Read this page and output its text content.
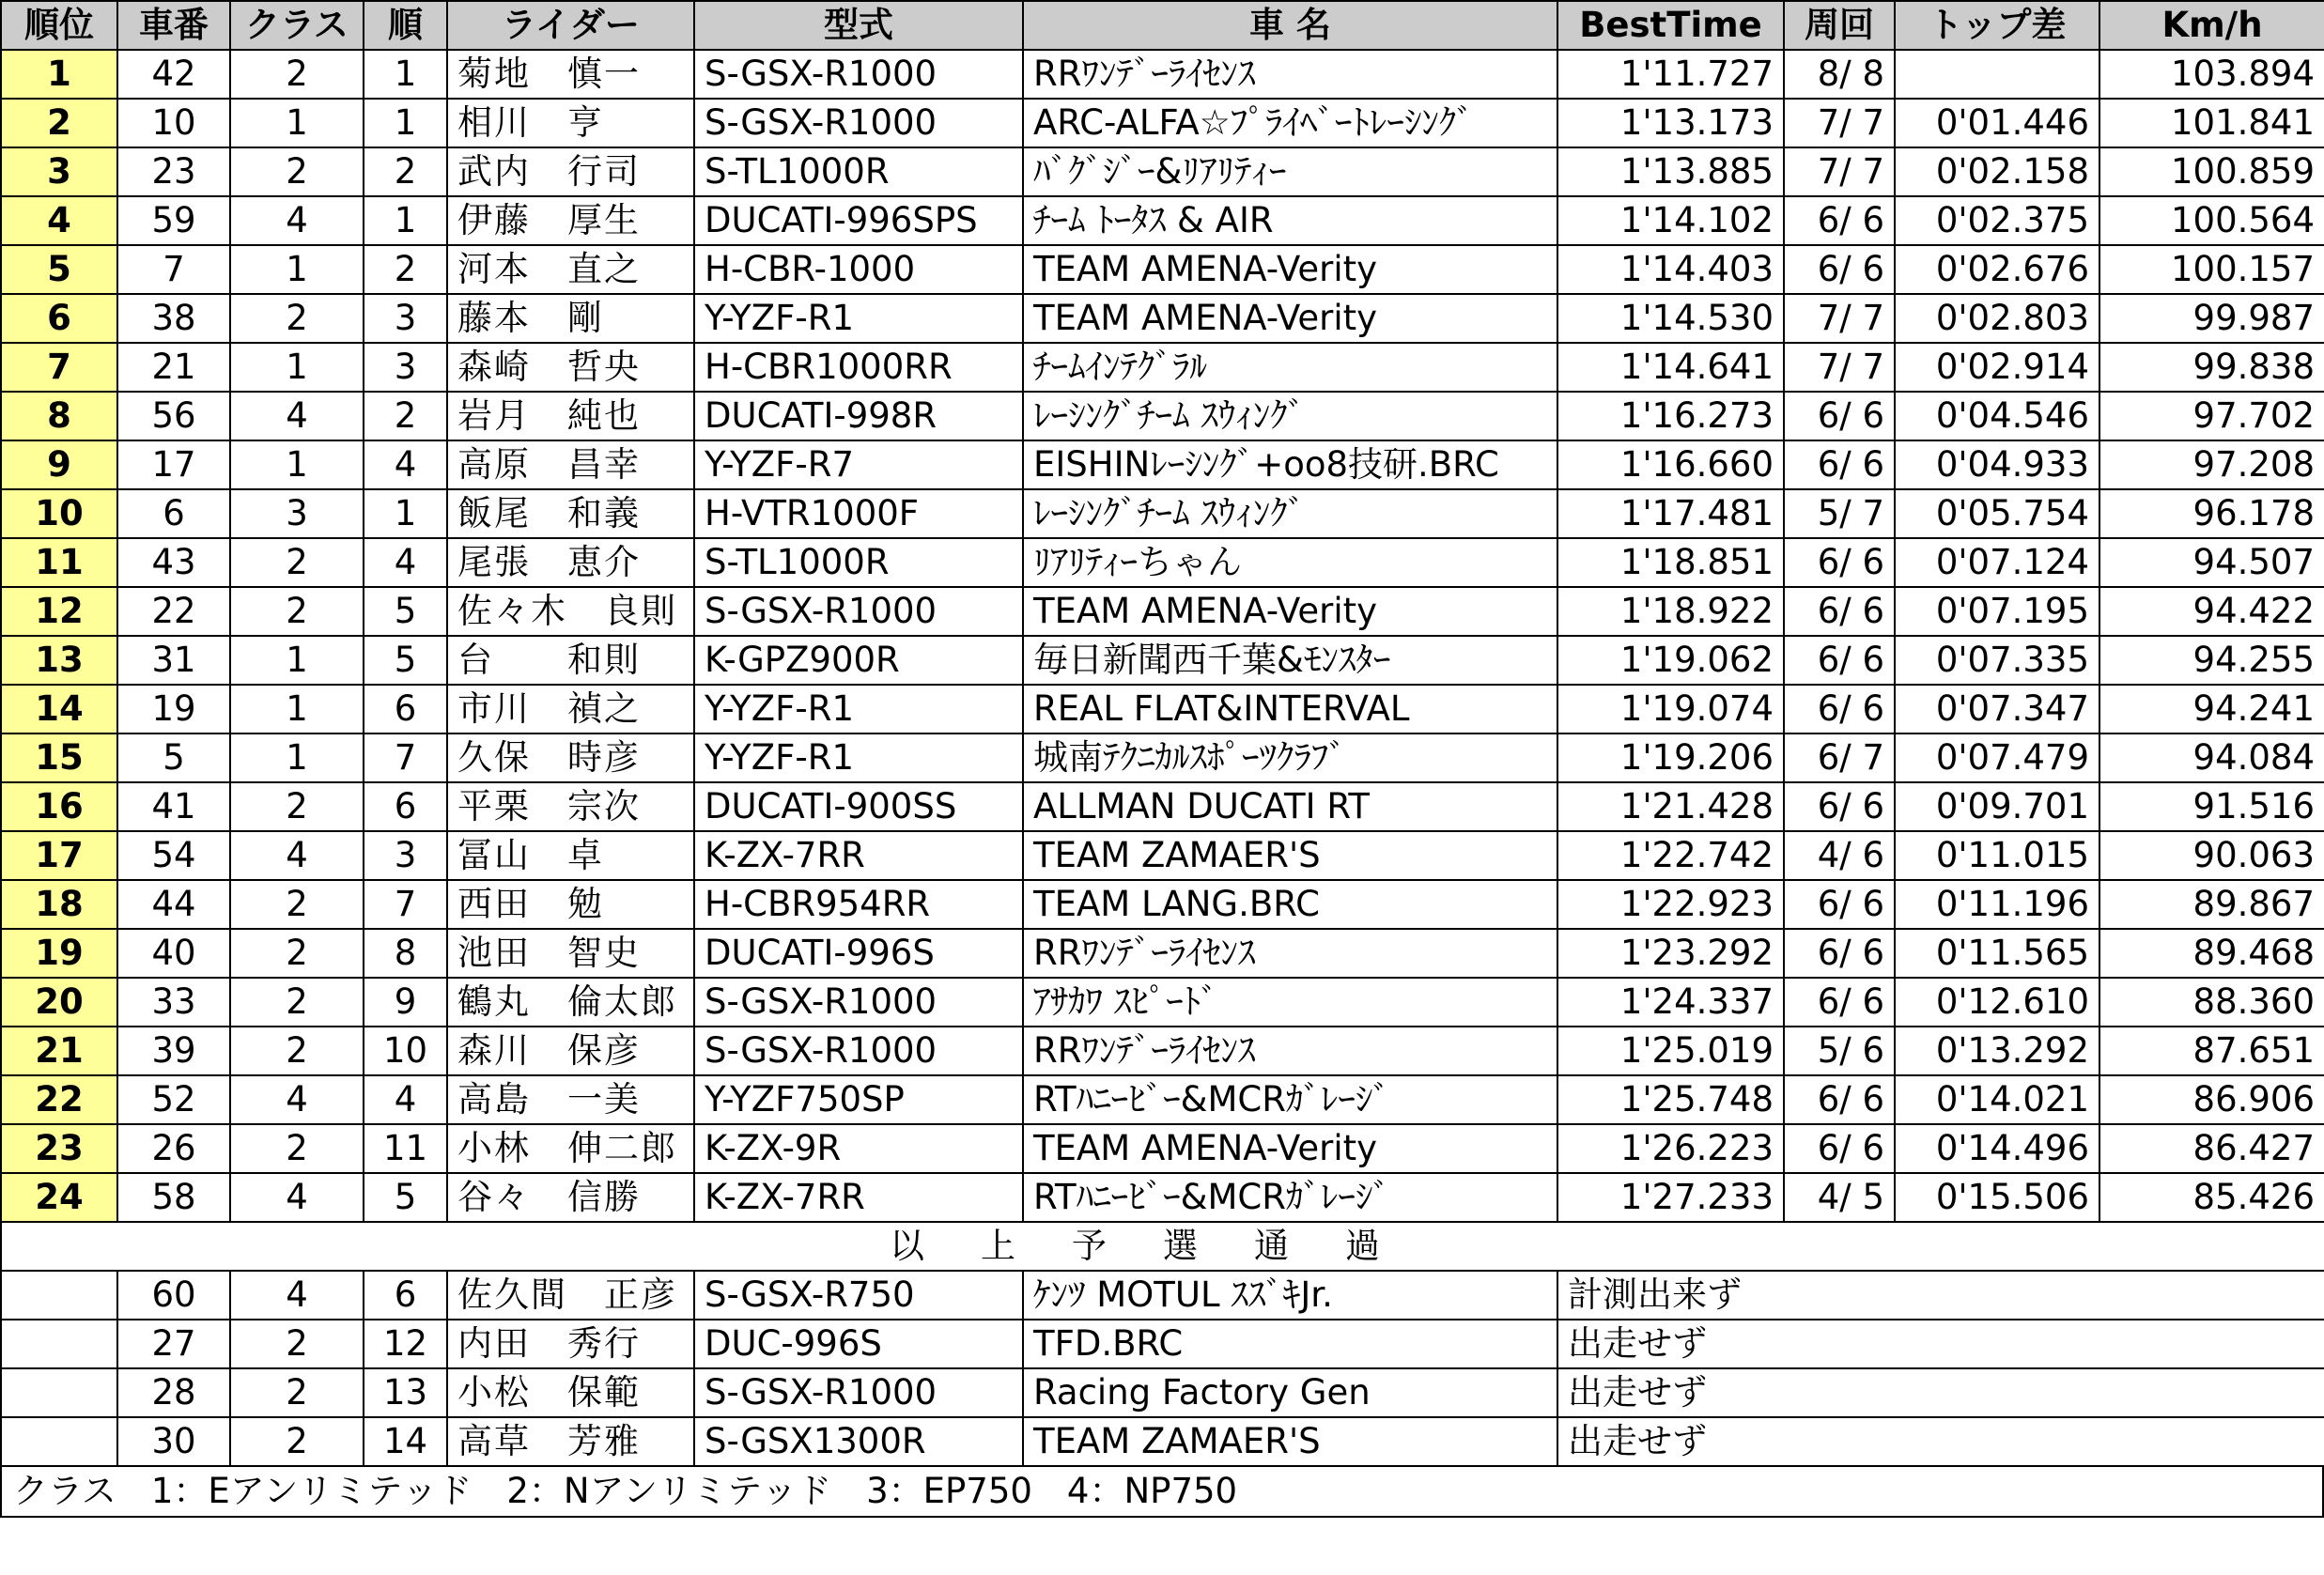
順位	車番	クラス	順	ライダー	型式	車 名	BestTime	周回	トップ差	Km/h
1	42	2	1	菊地　慎一	S-GSX-R1000	RRﾜﾝﾃﾞｰﾗｲｾﾝｽ	1'11.727	8/ 8		103.894
2	10	1	1	相川　亨	S-GSX-R1000	ARC-ALFA☆ﾌﾟﾗｲﾍﾞｰﾄﾚｰｼﾝｸﾞ	1'13.173	7/ 7	0'01.446	101.841
3	23	2	2	武内　行司	S-TL1000R	ﾊﾞｸﾞｼﾞｰ&ﾘｱﾘﾃｨｰ	1'13.885	7/ 7	0'02.158	100.859
4	59	4	1	伊藤　厚生	DUCATI-996SPS	ﾁｰﾑ ﾄｰﾀｽ & AIR	1'14.102	6/ 6	0'02.375	100.564
5	7	1	2	河本　直之	H-CBR-1000	TEAM AMENA-Verity	1'14.403	6/ 6	0'02.676	100.157
6	38	2	3	藤本　剛	Y-YZF-R1	TEAM AMENA-Verity	1'14.530	7/ 7	0'02.803	99.987
7	21	1	3	森崎　哲央	H-CBR1000RR	ﾁｰﾑｲﾝﾃｸﾞﾗﾙ	1'14.641	7/ 7	0'02.914	99.838
8	56	4	2	岩月　純也	DUCATI-998R	ﾚｰｼﾝｸﾞﾁｰﾑ ｽｳｨﾝｸﾞ	1'16.273	6/ 6	0'04.546	97.702
9	17	1	4	高原　昌幸	Y-YZF-R7	EISHINﾚｰｼﾝｸﾞ+oo8技研.BRC	1'16.660	6/ 6	0'04.933	97.208
10	6	3	1	飯尾　和義	H-VTR1000F	ﾚｰｼﾝｸﾞﾁｰﾑ ｽｳｨﾝｸﾞ	1'17.481	5/ 7	0'05.754	96.178
11	43	2	4	尾張　恵介	S-TL1000R	ﾘｱﾘﾃｨｰちゃん	1'18.851	6/ 6	0'07.124	94.507
12	22	2	5	佐々木　良則	S-GSX-R1000	TEAM AMENA-Verity	1'18.922	6/ 6	0'07.195	94.422
13	31	1	5	台　　和則	K-GPZ900R	毎日新聞西千葉&ﾓﾝｽﾀｰ	1'19.062	6/ 6	0'07.335	94.255
14	19	1	6	市川　禎之	Y-YZF-R1	REAL FLAT&INTERVAL	1'19.074	6/ 6	0'07.347	94.241
15	5	1	7	久保　時彦	Y-YZF-R1	城南ﾃｸﾆｶﾙｽﾎﾟｰﾂｸﾗﾌﾞ	1'19.206	6/ 7	0'07.479	94.084
16	41	2	6	平栗　宗次	DUCATI-900SS	ALLMAN DUCATI RT	1'21.428	6/ 6	0'09.701	91.516
17	54	4	3	冨山　卓	K-ZX-7RR	TEAM ZAMAER'S	1'22.742	4/ 6	0'11.015	90.063
18	44	2	7	西田　勉	H-CBR954RR	TEAM LANG.BRC	1'22.923	6/ 6	0'11.196	89.867
19	40	2	8	池田　智史	DUCATI-996S	RRﾜﾝﾃﾞｰﾗｲｾﾝｽ	1'23.292	6/ 6	0'11.565	89.468
20	33	2	9	鶴丸　倫太郎	S-GSX-R1000	ｱｻｶﾜ ｽﾋﾟｰﾄﾞ	1'24.337	6/ 6	0'12.610	88.360
21	39	2	10	森川　保彦	S-GSX-R1000	RRﾜﾝﾃﾞｰﾗｲｾﾝｽ	1'25.019	5/ 6	0'13.292	87.651
22	52	4	4	高島　一美	Y-YZF750SP	RTﾊﾆｰﾋﾞｰ&MCRｶﾞﾚｰｼﾞ	1'25.748	6/ 6	0'14.021	86.906
23	26	2	11	小林　伸二郎	K-ZX-9R	TEAM AMENA-Verity	1'26.223	6/ 6	0'14.496	86.427
24	58	4	5	谷々　信勝	K-ZX-7RR	RTﾊﾆｰﾋﾞｰ&MCRｶﾞﾚｰｼﾞ	1'27.233	4/ 5	0'15.506	85.426
以上予選通過										
	60	4	6	佐久間　正彦	S-GSX-R750	ｹﾝﾂ MOTUL ｽｽﾞｷJr.	計測出来ず			
	27	2	12	内田　秀行	DUC-996S	TFD.BRC	出走せず			
	28	2	13	小松　保範	S-GSX-R1000	Racing Factory Gen	出走せず			
	30	2	14	高草　芳雅	S-GSX1300R	TEAM ZAMAER'S	出走せず			
クラス　1：Eアンリミテッド　2：Nアンリミテッド　3：EP750　4：NP750
